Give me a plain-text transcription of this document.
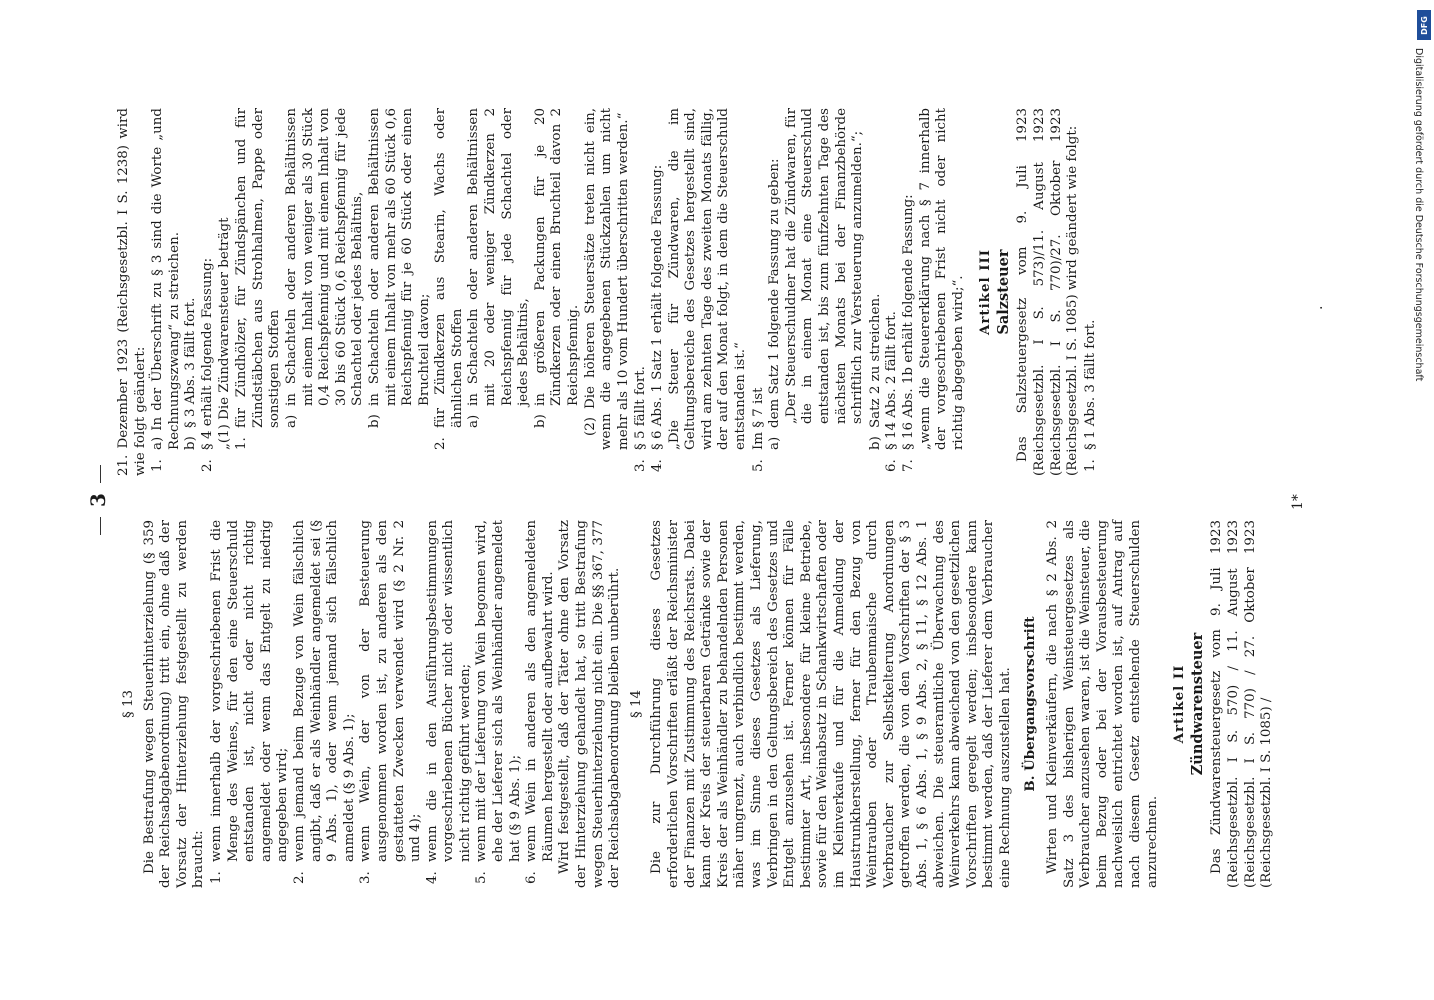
3

§ 13 Die Bestrafung wegen Steuerhinterziehung (§ 359 der Reichsabgabenordnung) tritt ein, ohne daß der Vorsatz der Hinterziehung festgestellt zu werden braucht: 1.
wenn innerhalb der vorgeschriebenen Frist die Menge des Weines, für den eine Steuerschuld entstanden ist, nicht oder nicht richtig angemeldet oder wenn das Entgelt zu niedrig angegeben wird;
2.
wenn jemand beim Bezuge von Wein fälschlich angibt, daß er als Weinhändler angemeldet sei (§ 9 Abs. 1), oder wenn jemand sich fälschlich anmeldet (§ 9 Abs. 1);
3.
wenn Wein, der von der Besteuerung ausgenommen worden ist, zu anderen als den gestatteten Zwecken verwendet wird (§ 2 Nr. 2 und 4);
4.
wenn die in den Ausführungsbestimmungen vorgeschriebenen Bücher nicht oder wissentlich nicht richtig geführt werden;
5.
wenn mit der Lieferung von Wein begonnen wird, ehe der Lieferer sich als Weinhändler angemeldet hat (§ 9 Abs. 1);
6.
wenn Wein in anderen als den angemeldeten Räumen hergestellt oder aufbewahrt wird. Wird festgestellt, daß der Täter ohne den Vorsatz der Hinterziehung gehandelt hat, so tritt Bestrafung wegen Steuerhinterziehung nicht ein. Die §§ 367, 377 der Reichsabgabenordnung bleiben unberührt. § 14 Die zur Durchführung dieses Gesetzes erforderlichen Vorschriften erläßt der Reichsminister der Finanzen mit Zustimmung des Reichsrats. Dabei kann der Kreis der steuerbaren Getränke sowie der Kreis der als Weinhändler zu behandelnden Personen näher umgrenzt, auch verbindlich bestimmt werden, was im Sinne dieses Gesetzes als Lieferung, Verbringen in den Geltungsbereich des Gesetzes und Entgelt anzusehen ist. Ferner können für Fälle bestimmter Art, insbesondere für kleine Betriebe, sowie für den Weinabsatz in Schankwirtschaften oder im Kleinverkaufe und für die Anmeldung der Haustrunkherstellung, ferner für den Bezug von Weintrauben oder Traubenmaische durch Verbraucher zur Selbstkelterung Anordnungen getroffen werden, die von den Vorschriften der § 3 Abs. 1, § 6 Abs. 1, § 9 Abs. 2, § 11, § 12 Abs. 1 abweichen. Die steueramtliche Überwachung des Weinverkehrs kann abweichend von den gesetzlichen Vorschriften geregelt werden; insbesondere kann bestimmt werden, daß der Lieferer dem Verbraucher eine Rechnung auszustellen hat. B. Übergangsvorschrift Wirten und Kleinverkäufern, die nach § 2 Abs. 2 Satz 3 des bisherigen Weinsteuergesetzes als Verbraucher anzusehen waren, ist die Weinsteuer, die beim Bezug oder bei der Vorausbesteuerung nachweislich entrichtet worden ist, auf Antrag auf nach diesem Gesetz entstehende Steuerschulden anzurechnen.

Artikel II Zündwarensteuer Das Zündwarensteuergesetz vom 9. Juli 1923 (Reichsgesetzbl. I S. 570) / 11. August 1923 (Reichsgesetzbl. I S. 770) / 27. Oktober 1923 (Reichsgesetzbl. I S. 1085) /

21. Dezember 1923 (Reichsgesetzbl. I S. 1238) wird wie folgt geändert: 1.
a) In der Überschrift zu § 3 sind die Worte „und Rechnungszwang“ zu streichen. b)
§ 3 Abs. 3 fällt fort.
2.
§ 4 erhält folgende Fassung: „(1) Die Zündwarensteuer beträgt 1.
für Zündhölzer, für Zündspänchen und für Zündstäbchen aus Strohhalmen, Pappe oder sonstigen Stoffen a)
in Schachteln oder anderen Behältnissen mit einem Inhalt von weniger als 30 Stück 0,4 Reichspfennig und mit einem Inhalt von 30 bis 60 Stück 0,6 Reichspfennig für jede Schachtel oder jedes Behältnis,
b)
in Schachteln oder anderen Behältnissen mit einem Inhalt von mehr als 60 Stück 0,6 Reichspfennig für je 60 Stück oder einen Bruchteil davon;
2.
für Zündkerzen aus Stearin, Wachs oder ähnlichen Stoffen a)
in Schachteln oder anderen Behältnissen mit 20 oder weniger Zündkerzen 2 Reichspfennig für jede Schachtel oder jedes Behältnis,
b)
in größeren Packungen für je 20 Zündkerzen oder einen Bruchteil davon 2 Reichspfennig. (2) Die höheren Steuersätze treten nicht ein, wenn die angegebenen Stückzahlen um nicht mehr als 10 vom Hundert überschritten werden.“

3.
§ 5 fällt fort.
4.
§ 6 Abs. 1 Satz 1 erhält folgende Fassung: „Die Steuer für Zündwaren, die im Geltungsbereiche des Gesetzes hergestellt sind, wird am zehnten Tage des zweiten Monats fällig, der auf den Monat folgt, in dem die Steuerschuld entstanden ist.“

5.
Im § 7 ist a)
dem Satz 1 folgende Fassung zu geben: „Der Steuerschuldner hat die Zündwaren, für die in einem Monat eine Steuerschuld entstanden ist, bis zum fünfzehnten Tage des nächsten Monats bei der Finanzbehörde schriftlich zur Versteuerung anzumelden.“;

b)
Satz 2 zu streichen.
6.
§ 14 Abs. 2 fällt fort.
7.
§ 16 Abs. 1b erhält folgende Fassung: „wenn die Steuererklärung nach § 7 innerhalb der vorgeschriebenen Frist nicht oder nicht richtig abgegeben wird;“. Artikel III Salzsteuer Das Salzsteuergesetz vom 9. Juli 1923 (Reichsgesetzbl. I S. 573)/11. August 1923 (Reichsgesetzbl. I S. 770)/27. Oktober 1923 (Reichsgesetzbl. I S. 1085) wird geändert wie folgt: 1.
§ 1 Abs. 3 fällt fort.
1*
.
DFG
Digitalisierung gefördert durch die Deutsche Forschungsgemeinschaft
